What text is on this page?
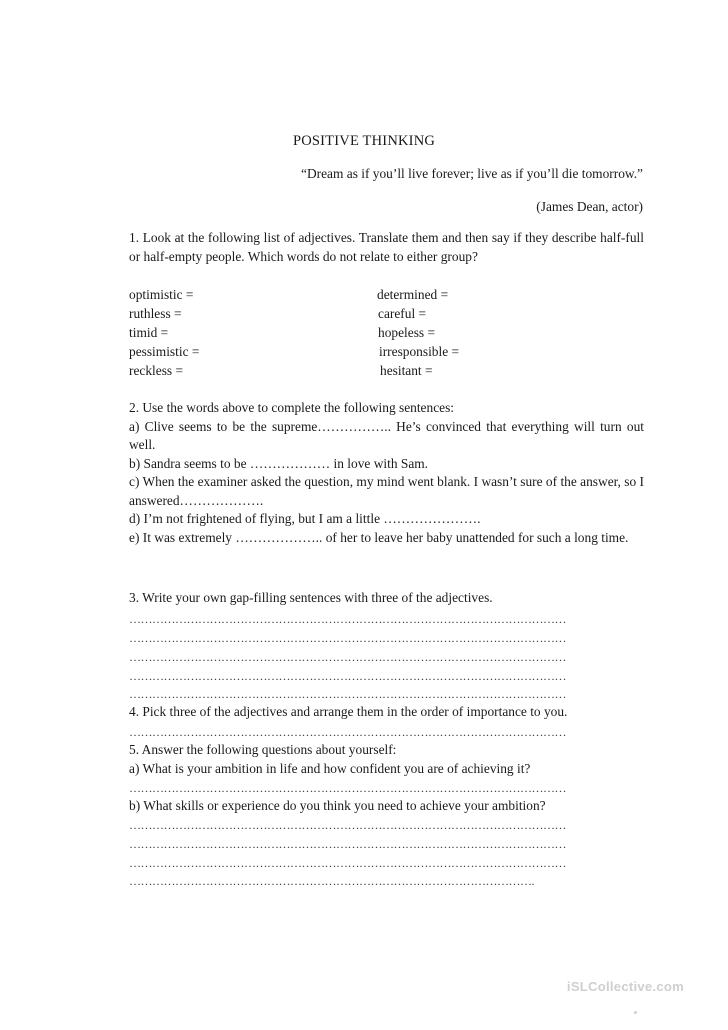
POSITIVE THINKING
“Dream as if you’ll live forever; live as if you’ll die tomorrow.”
(James Dean, actor)
1. Look at the following list of adjectives. Translate them and then say if they describe half-full or half-empty people. Which words do not relate to either group?
optimistic =
ruthless =
timid =
pessimistic =
reckless =
determined =
careful =
hopeless =
irresponsible =
hesitant =
2. Use the words above to complete the following sentences:
a) Clive seems to be the supreme…………….. He’s convinced that everything will turn out well.
b) Sandra seems to be ……………… in love with Sam.
c) When the examiner asked the question, my mind went blank. I wasn’t sure of the answer, so I answered……………….
d) I’m not frightened of flying, but I am a little ………………….
e) It was extremely ……………….. of her to leave her baby unattended for such a long time.
3. Write your own gap-filling sentences with three of the adjectives.
……………………………………………………………………………………………………
……………………………………………………………………………………………………
……………………………………………………………………………………………………
……………………………………………………………………………………………………
……………………………………………………………………………………………………
4. Pick three of the adjectives and arrange them in the order of importance to you.
……………………………………………………………………………………………………
5. Answer the following questions about yourself:
a) What is your ambition in life and how confident you are of achieving it?
……………………………………………………………………………………………………
b) What skills or experience do you think you need to achieve your ambition?
……………………………………………………………………………………………………
……………………………………………………………………………………………………
……………………………………………………………………………………………………
…………………………………………………………………………………………….
iSLCollective.com
